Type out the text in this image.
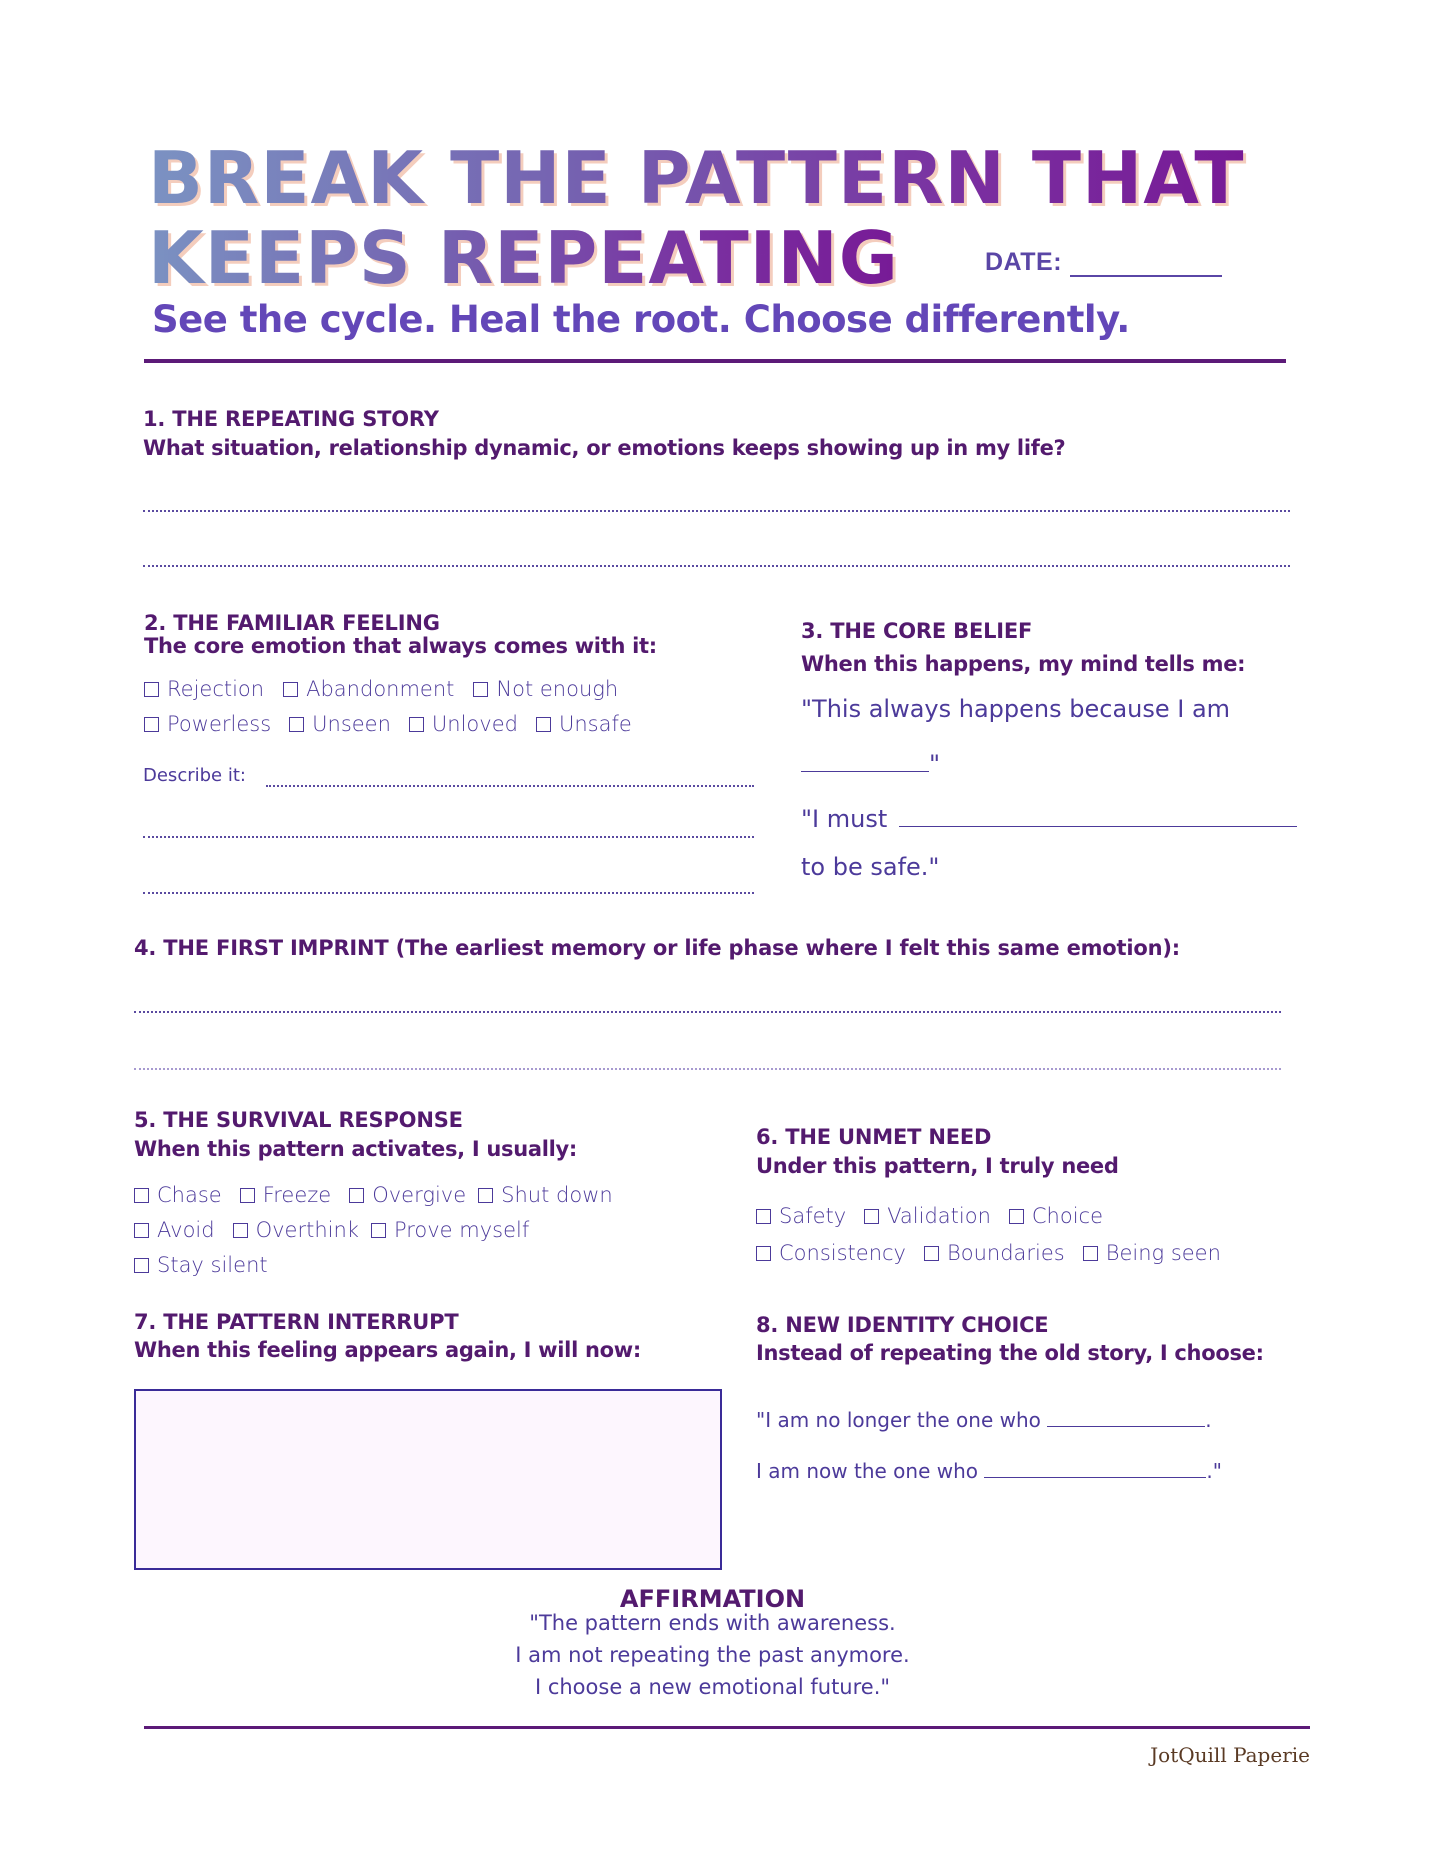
BREAK THE PATTERN THAT
KEEPS REPEATING	DATE:
See the cycle. Heal the root. Choose differently.
1. THE REPEATING STORY
What situation, relationship dynamic, or emotions keeps showing up in my life?
2. THE FAMILIAR FEELING
The core emotion that always comes with it:
Rejection Abandonment Not enough
Powerless Unseen Unloved Unsafe
Describe it:
3. THE CORE BELIEF
When this happens, my mind tells me:
"This always happens because I am
"
"I must
to be safe."
4. THE FIRST IMPRINT (The earliest memory or life phase where I felt this same emotion):
5. THE SURVIVAL RESPONSE
When this pattern activates, I usually:
Chase Freeze Overgive Shut down
Avoid Overthink Prove myself
Stay silent
6. THE UNMET NEED
Under this pattern, I truly need
Safety Validation Choice
Consistency Boundaries Being seen
7. THE PATTERN INTERRUPT
When this feeling appears again, I will now:
8. NEW IDENTITY CHOICE
Instead of repeating the old story, I choose:
"I am no longer the one who	.
I am now the one who	."
AFFIRMATION
"The pattern ends with awareness.
I am not repeating the past anymore.
I choose a new emotional future."
JotQuill Paperie
